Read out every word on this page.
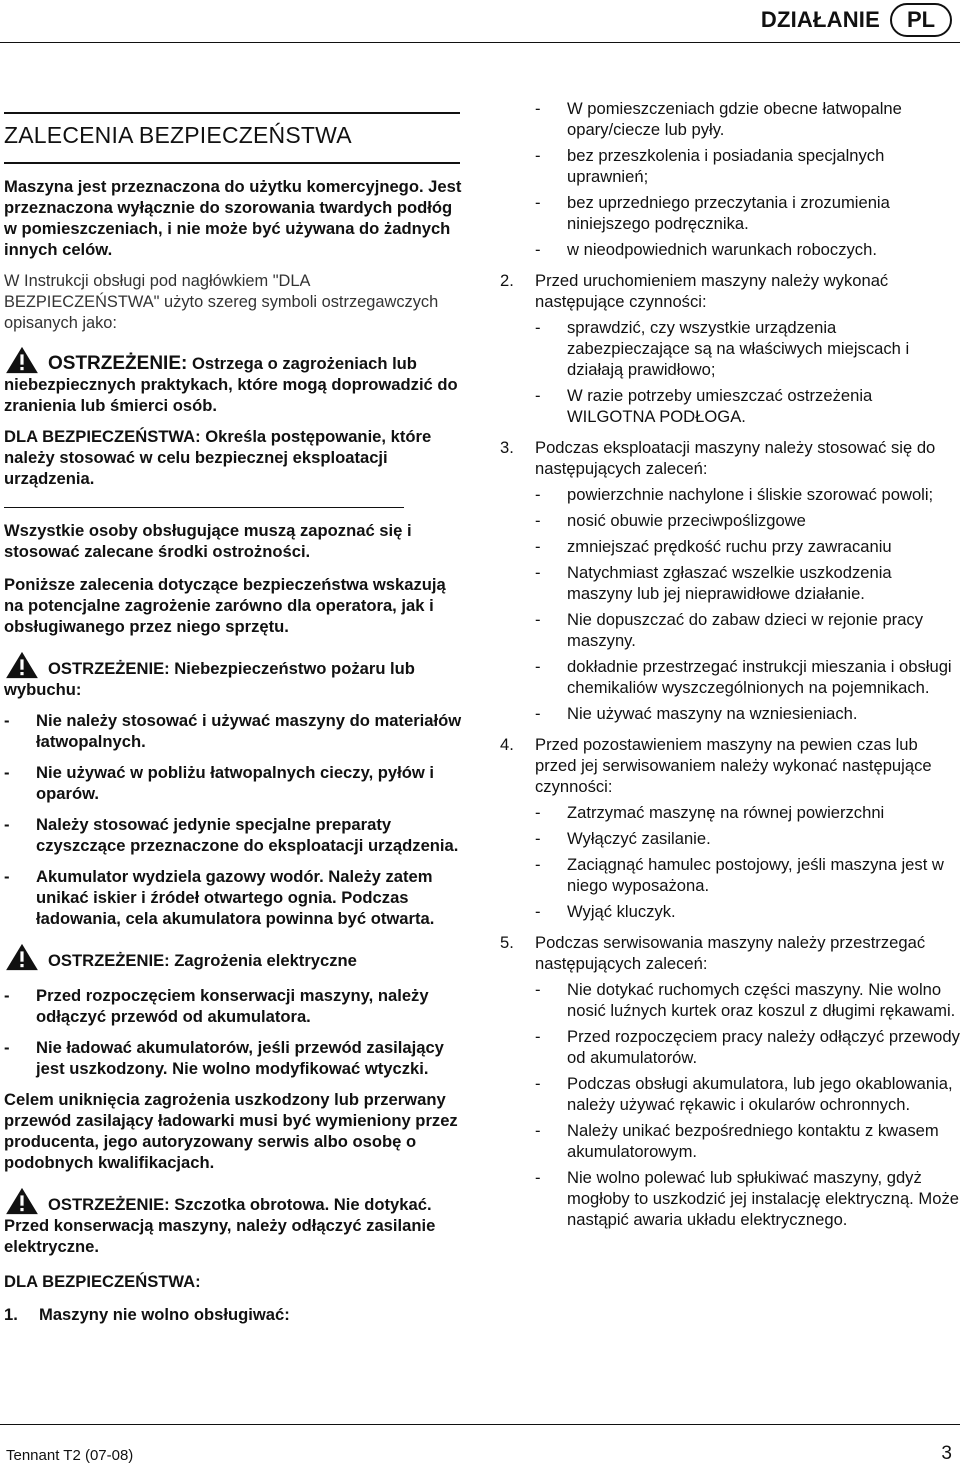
DZIAŁANIE	PL
ZALECENIA BEZPIECZEŃSTWA

Maszyna jest przeznaczona do użytku komercyjnego. Jest przeznaczona wyłącznie do szorowania twardych podłóg w pomieszczeniach, i nie może być używana do żadnych innych celów.

W Instrukcji obsługi pod nagłówkiem "DLA BEZPIECZEŃSTWA" użyto szereg symboli ostrzegawczych opisanych jako:

OSTRZEŻENIE: Ostrzega o zagrożeniach lub niebezpiecznych praktykach, które mogą doprowadzić do zranienia lub śmierci osób.

DLA BEZPIECZEŃSTWA: Określa postępowanie, które należy stosować w celu bezpiecznej eksploatacji urządzenia.

Wszystkie osoby obsługujące muszą zapoznać się i stosować zalecane środki ostrożności.

Poniższe zalecenia dotyczące bezpieczeństwa wskazują na potencjalne zagrożenie zarówno dla operatora, jak i obsługiwanego przez niego sprzętu.

OSTRZEŻENIE: Niebezpieczeństwo pożaru lub wybuchu:

- Nie należy stosować i używać maszyny do materiałów łatwopalnych.
- Nie używać w pobliżu łatwopalnych cieczy, pyłów i oparów.
- Należy stosować jedynie specjalne preparaty czyszczące przeznaczone do eksploatacji urządzenia.
- Akumulator wydziela gazowy wodór. Należy zatem unikać iskier i źródeł otwartego ognia. Podczas ładowania, cela akumulatora powinna być otwarta.

OSTRZEŻENIE: Zagrożenia elektryczne

- Przed rozpoczęciem konserwacji maszyny, należy odłączyć przewód od akumulatora.
- Nie ładować akumulatorów, jeśli przewód zasilający jest uszkodzony. Nie wolno modyfikować wtyczki.

Celem uniknięcia zagrożenia uszkodzony lub przerwany przewód zasilający ładowarki musi być wymieniony przez producenta, jego autoryzowany serwis albo osobę o podobnych kwalifikacjach.

OSTRZEŻENIE: Szczotka obrotowa. Nie dotykać. Przed konserwacją maszyny, należy odłączyć zasilanie elektryczne.

DLA BEZPIECZEŃSTWA:

1. Maszyny nie wolno obsługiwać:
- W pomieszczeniach gdzie obecne łatwopalne opary/ciecze lub pyły.
- bez przeszkolenia i posiadania specjalnych uprawnień;
- bez uprzedniego przeczytania i zrozumienia niniejszego podręcznika.
- w nieodpowiednich warunkach roboczych.
2. Przed uruchomieniem maszyny należy wykonać następujące czynności:
- sprawdzić, czy wszystkie urządzenia zabezpieczające są na właściwych miejscach i działają prawidłowo;
- W razie potrzeby umieszczać ostrzeżenia WILGOTNA PODŁOGA.
3. Podczas eksploatacji maszyny należy stosować się do następujących zaleceń:
- powierzchnie nachylone i śliskie szorować powoli;
- nosić obuwie przeciwpoślizgowe
- zmniejszać prędkość ruchu przy zawracaniu
- Natychmiast zgłaszać wszelkie uszkodzenia maszyny lub jej nieprawidłowe działanie.
- Nie dopuszczać do zabaw dzieci w rejonie pracy maszyny.
- dokładnie przestrzegać instrukcji mieszania i obsługi chemikaliów wyszczególnionych na pojemnikach.
- Nie używać maszyny na wzniesieniach.
4. Przed pozostawieniem maszyny na pewien czas lub przed jej serwisowaniem należy wykonać następujące czynności:
- Zatrzymać maszynę na równej powierzchni
- Wyłączyć zasilanie.
- Zaciągnąć hamulec postojowy, jeśli maszyna jest w niego wyposażona.
- Wyjąć kluczyk.
5. Podczas serwisowania maszyny należy przestrzegać następujących zaleceń:
- Nie dotykać ruchomych części maszyny. Nie wolno nosić luźnych kurtek oraz koszul z długimi rękawami.
- Przed rozpoczęciem pracy należy odłączyć przewody od akumulatorów.
- Podczas obsługi akumulatora, lub jego okablowania, należy używać rękawic i okularów ochronnych.
- Należy unikać bezpośredniego kontaktu z kwasem akumulatorowym.
- Nie wolno polewać lub spłukiwać maszyny, gdyż mogłoby to uszkodzić jej instalację elektryczną. Może nastąpić awaria układu elektrycznego.
Tennant T2 (07-08)	3
